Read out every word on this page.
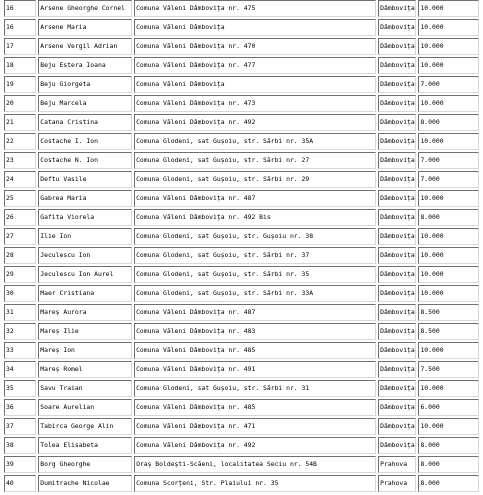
16	Arsene Gheorghe Cornel	Comuna Văleni Dâmbovița nr. 475	Dâmbovița	10.000
16	Arsene Maria	Comuna Văleni Dâmbovița	Dâmbovița	10.000
17	Arsene Vergil Adrian	Comuna Văleni Dâmbovița nr. 470	Dâmbovița	10.000
18	Beju Estera Ioana	Comuna Văleni Dâmbovița nr. 477	Dâmbovița	10.000
19	Beju Giorgeta	Comuna Văleni Dâmbovița	Dâmbovița	7.000
20	Beju Marcela	Comuna Văleni Dâmbovița nr. 473	Dâmbovița	10.000
21	Catana Cristina	Comuna Văleni Dâmbovița nr. 492	Dâmbovița	8.000
22	Costache I. Ion	Comuna Glodeni, sat Gușoiu, str. Sărbi nr. 35A	Dâmbovița	10.000
23	Costache N. Ion	Comuna Glodeni, sat Gușoiu, str. Sărbi nr. 27	Dâmbovița	7.000
24	Deftu Vasile	Comuna Glodeni, sat Gușoiu, str. Sărbi nr. 29	Dâmbovița	7.000
25	Gabrea Maria	Comuna Văleni Dâmbovița nr. 487	Dâmbovița	10.000
26	Gafita Viorela	Comuna Văleni Dâmbovița nr. 492 Bis	Dâmbovița	8.000
27	Ilie Ion	Comuna Glodeni, sat Gușoiu, str. Gușoiu nr. 38	Dâmbovița	10.000
28	Jeculescu Ion	Comuna Glodeni, sat Gușoiu, str. Sărbi nr. 37	Dâmbovița	10.000
29	Jeculescu Ion Aurel	Comuna Glodeni, sat Gușoiu, str. Sărbi nr. 35	Dâmbovița	10.000
30	Maer Cristiana	Comuna Glodeni, sat Gușoiu, str. Sărbi nr. 33A	Dâmbovița	10.000
31	Mareș Aurora	Comuna Văleni Dâmbovița nr. 487	Dâmbovița	8.500
32	Mareș Ilie	Comuna Văleni Dâmbovița nr. 483	Dâmbovița	8.500
33	Mareș Ion	Comuna Văleni Dâmbovița nr. 485	Dâmbovița	10.000
34	Mareș Romel	Comuna Văleni Dâmbovița nr. 491	Dâmbovița	7.500
35	Savu Traian	Comuna Glodeni, sat Gușoiu, str. Sărbi nr. 31	Dâmbovița	10.000
36	Soare Aurelian	Comuna Văleni Dâmbovița nr. 485	Dâmbovița	6.000
37	Tabirca George Alin	Comuna Văleni Dâmbovița nr. 471	Dâmbovița	10.000
38	Tolea Elisabeta	Comuna Văleni Dâmbovița nr. 492	Dâmbovița	8.000
39	Borg Gheorghe	Oraș Boldești-Scăeni, localitatea Seciu nr. 54B	Prahova	8.000
40	Dumitrache Nicolae	Comuna Scorțeni, Str. Plaiului nr. 35	Prahova	8.000
